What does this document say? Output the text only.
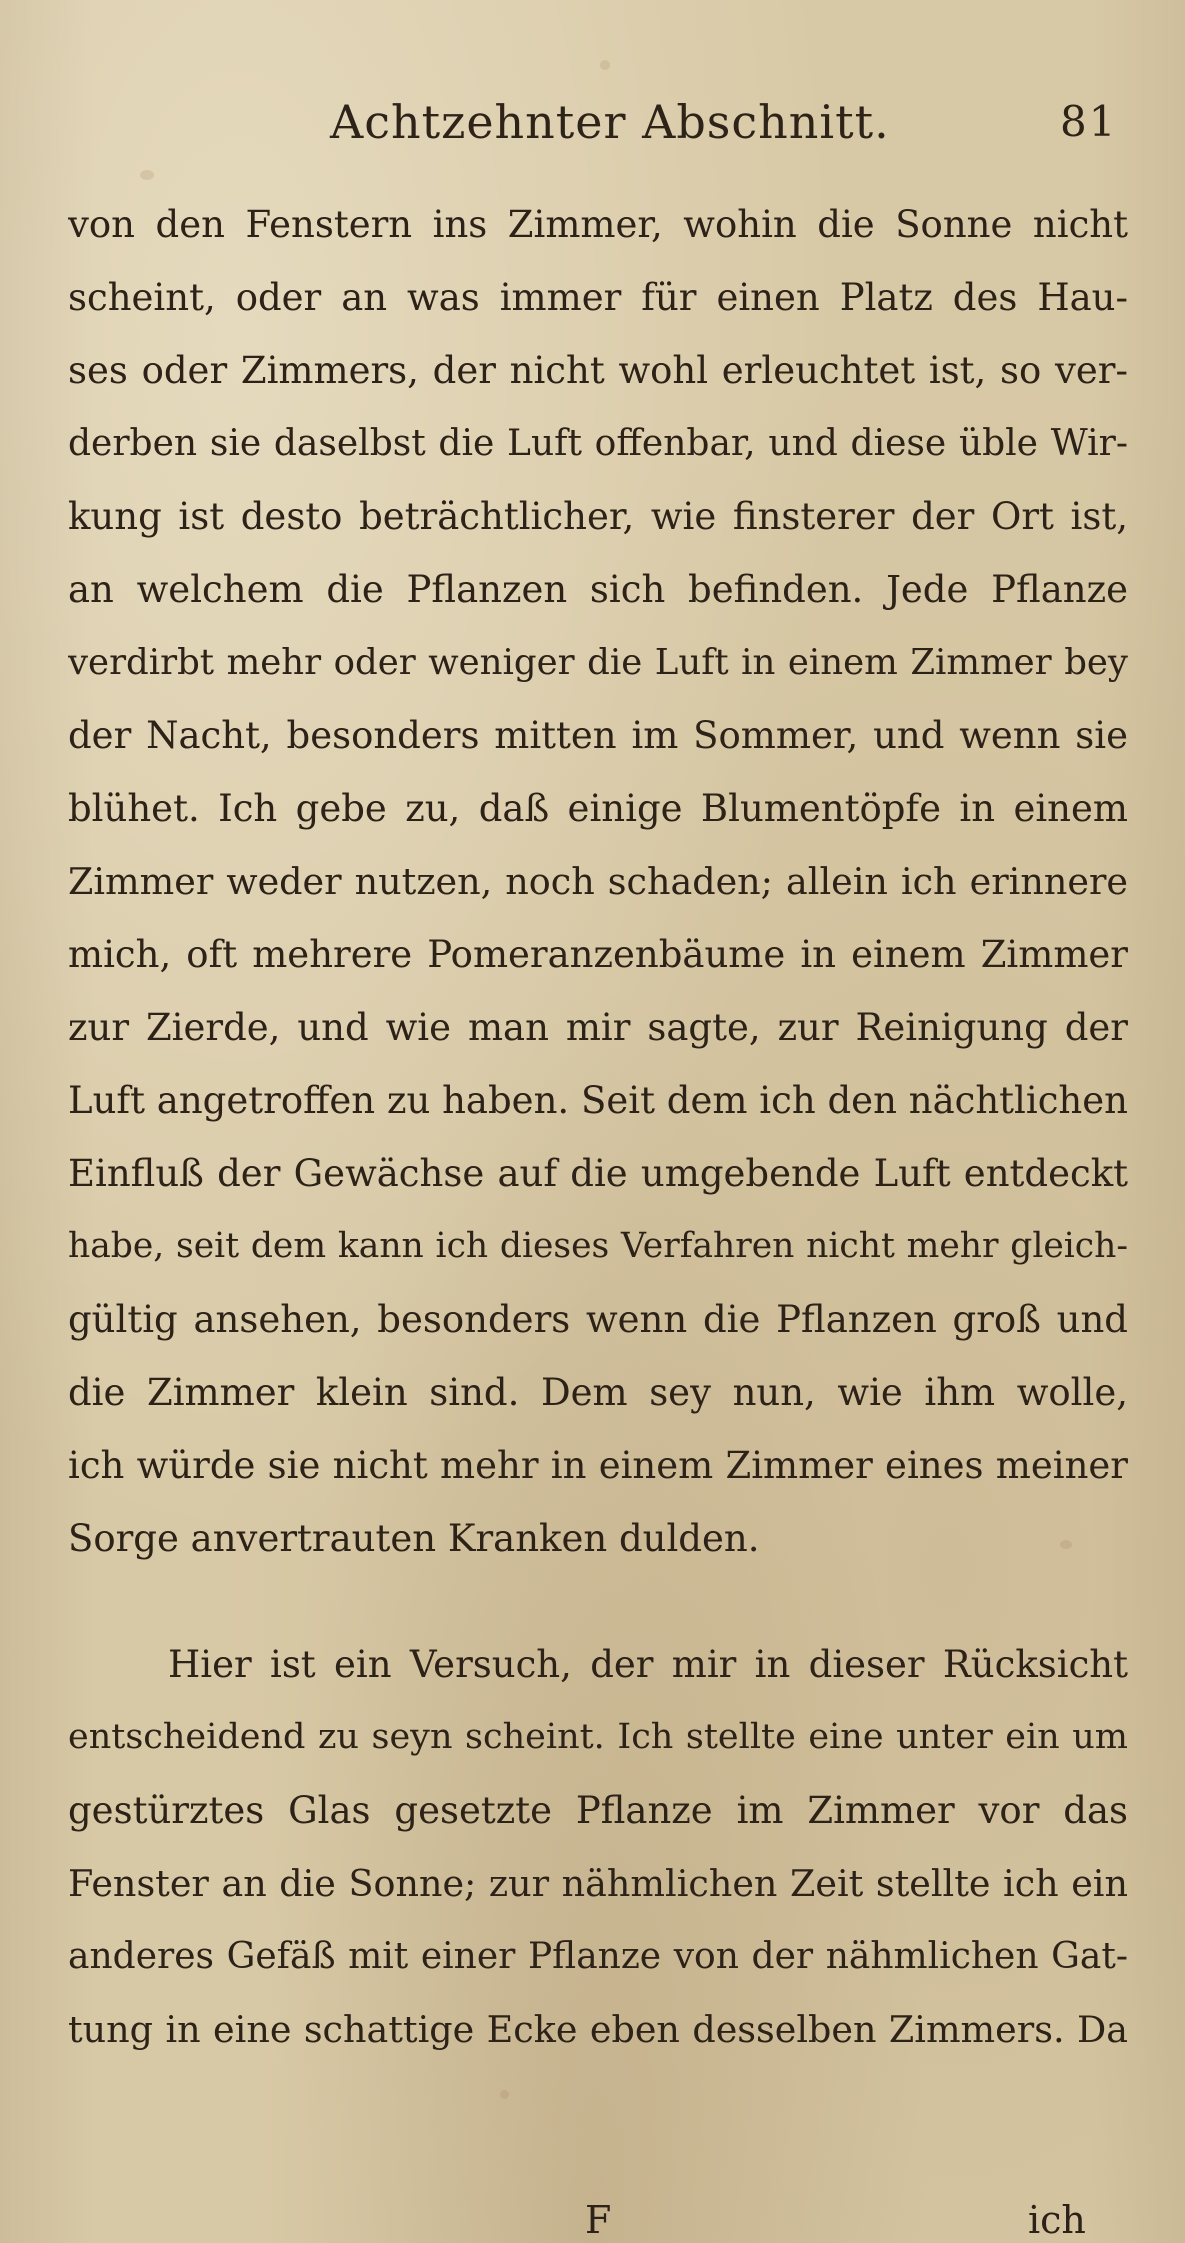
Achtzehnter Abschnitt.	81
von den Fenstern ins Zimmer, wohin die Sonne nicht
scheint, oder an was immer für einen Platz des Hau-
ses oder Zimmers, der nicht wohl erleuchtet ist, so ver-
derben sie daselbst die Luft offenbar, und diese üble Wir-
kung ist desto beträchtlicher, wie finsterer der Ort ist,
an welchem die Pflanzen sich befinden. Jede Pflanze
verdirbt mehr oder weniger die Luft in einem Zimmer bey
der Nacht, besonders mitten im Sommer, und wenn sie
blühet. Ich gebe zu, daß einige Blumentöpfe in einem
Zimmer weder nutzen, noch schaden; allein ich erinnere
mich, oft mehrere Pomeranzenbäume in einem Zimmer
zur Zierde, und wie man mir sagte, zur Reinigung der
Luft angetroffen zu haben. Seit dem ich den nächtlichen
Einfluß der Gewächse auf die umgebende Luft entdeckt
habe, seit dem kann ich dieses Verfahren nicht mehr gleich-
gültig ansehen, besonders wenn die Pflanzen groß und
die Zimmer klein sind. Dem sey nun, wie ihm wolle,
ich würde sie nicht mehr in einem Zimmer eines meiner
Sorge anvertrauten Kranken dulden.
Hier ist ein Versuch, der mir in dieser Rücksicht
entscheidend zu seyn scheint. Ich stellte eine unter ein um
gestürztes Glas gesetzte Pflanze im Zimmer vor das
Fenster an die Sonne; zur nähmlichen Zeit stellte ich ein
anderes Gefäß mit einer Pflanze von der nähmlichen Gat-
tung in eine schattige Ecke eben desselben Zimmers. Da
F	ich
